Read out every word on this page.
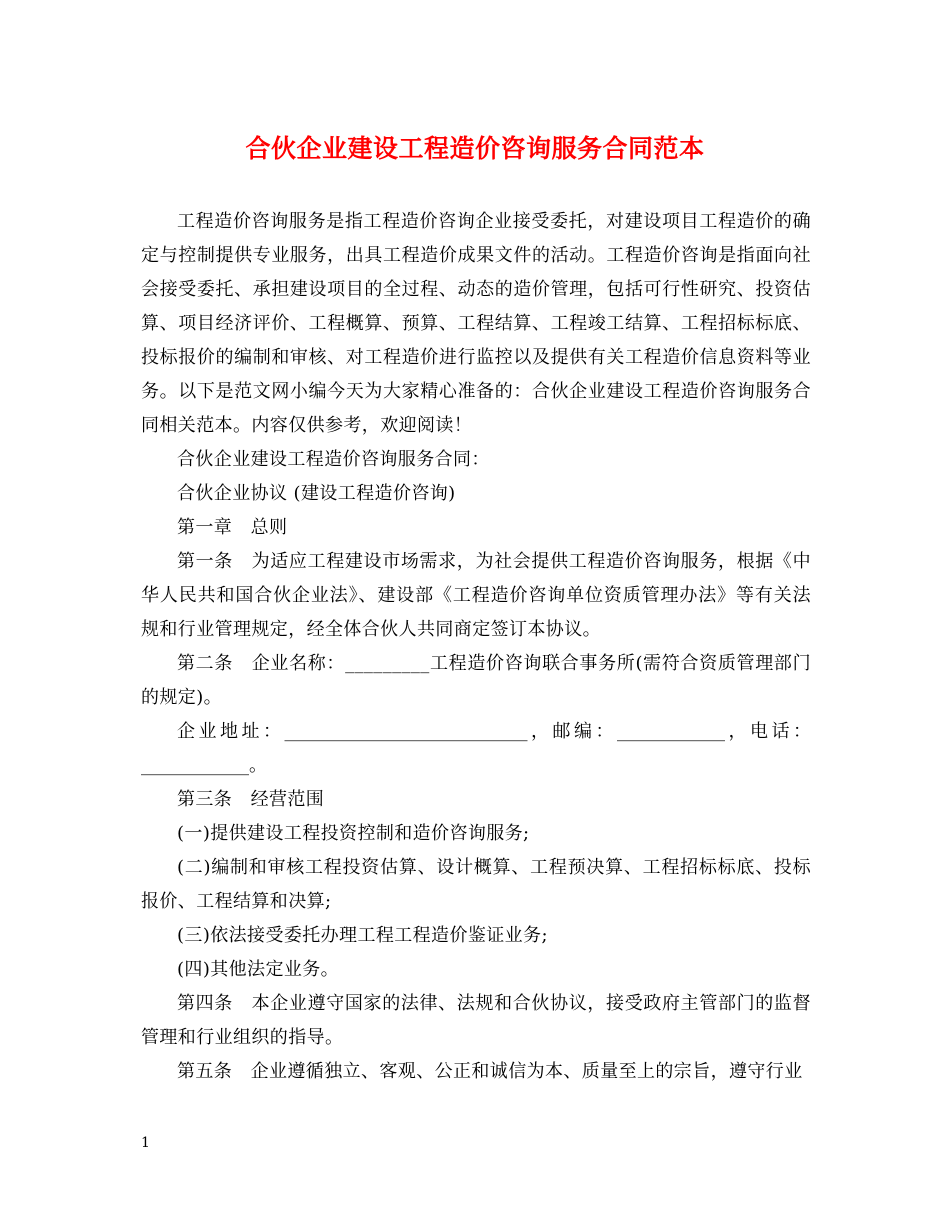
合伙企业建设工程造价咨询服务合同范本

工程造价咨询服务是指工程造价咨询企业接受委托，对建设项目工程造价的确定与控制提供专业服务，出具工程造价成果文件的活动。工程造价咨询是指面向社会接受委托、承担建设项目的全过程、动态的造价管理，包括可行性研究、投资估算、项目经济评价、工程概算、预算、工程结算、工程竣工结算、工程招标标底、投标报价的编制和审核、对工程造价进行监控以及提供有关工程造价信息资料等业务。以下是范文网小编今天为大家精心准备的：合伙企业建设工程造价咨询服务合同相关范本。内容仅供参考，欢迎阅读！

合伙企业建设工程造价咨询服务合同：

合伙企业协议 (建设工程造价咨询)

第一章　总则

第一条　为适应工程建设市场需求，为社会提供工程造价咨询服务，根据《中华人民共和国合伙企业法》、建设部《工程造价咨询单位资质管理办法》等有关法规和行业管理规定，经全体合伙人共同商定签订本协议。

第二条　企业名称：_________工程造价咨询联合事务所(需符合资质管理部门的规定)。

企业地址：___________________________，邮编：____________，电话：____________。

第三条　经营范围

(一)提供建设工程投资控制和造价咨询服务;

(二)编制和审核工程投资估算、设计概算、工程预决算、工程招标标底、投标报价、工程结算和决算;

(三)依法接受委托办理工程工程造价鉴证业务;

(四)其他法定业务。

第四条　本企业遵守国家的法律、法规和合伙协议，接受政府主管部门的监督管理和行业组织的指导。

第五条　企业遵循独立、客观、公正和诚信为本、质量至上的宗旨，遵守行业

1
